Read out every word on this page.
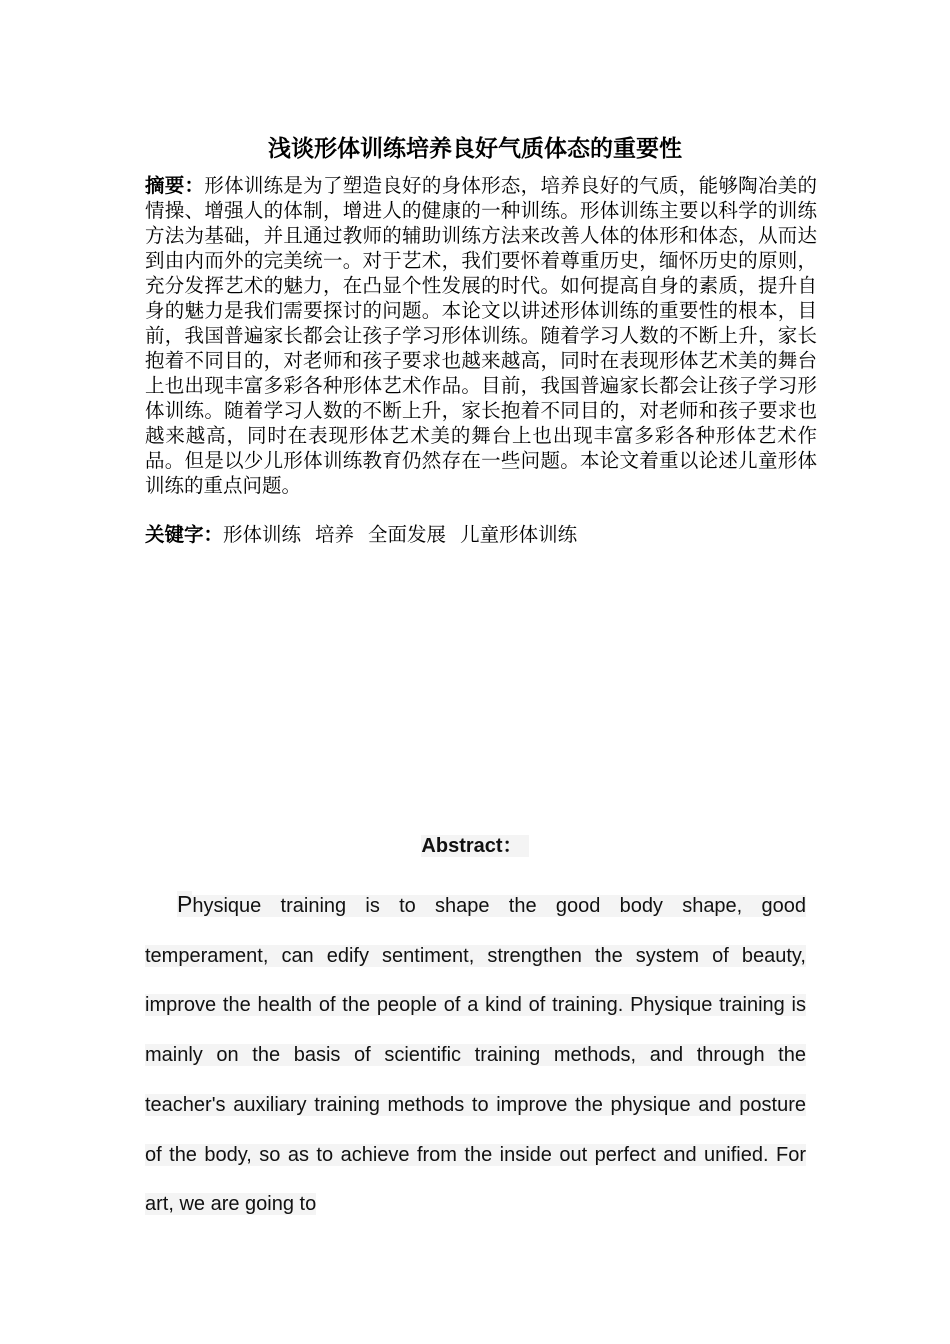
浅谈形体训练培养良好气质体态的重要性

摘要：形体训练是为了塑造良好的身体形态，培养良好的气质，能够陶冶美的情操、增强人的体制，增进人的健康的一种训练。形体训练主要以科学的训练方法为基础，并且通过教师的辅助训练方法来改善人体的体形和体态，从而达到由内而外的完美统一。对于艺术，我们要怀着尊重历史，缅怀历史的原则，充分发挥艺术的魅力，在凸显个性发展的时代。如何提高自身的素质，提升自身的魅力是我们需要探讨的问题。本论文以讲述形体训练的重要性的根本，目前，我国普遍家长都会让孩子学习形体训练。随着学习人数的不断上升，家长抱着不同目的，对老师和孩子要求也越来越高，同时在表现形体艺术美的舞台上也出现丰富多彩各种形体艺术作品。目前，我国普遍家长都会让孩子学习形体训练。随着学习人数的不断上升，家长抱着不同目的，对老师和孩子要求也越来越高，同时在表现形体艺术美的舞台上也出现丰富多彩各种形体艺术作品。但是以少儿形体训练教育仍然存在一些问题。本论文着重以论述儿童形体训练的重点问题。

关键字：形体训练 培养 全面发展 儿童形体训练

Abstract：

Physique training is to shape the good body shape, good temperament, can edify sentiment, strengthen the system of beauty, improve the health of the people of a kind of training. Physique training is mainly on the basis of scientific training methods, and through the teacher's auxiliary training methods to improve the physique and posture of the body, so as to achieve from the inside out perfect and unified. For art, we are going to
